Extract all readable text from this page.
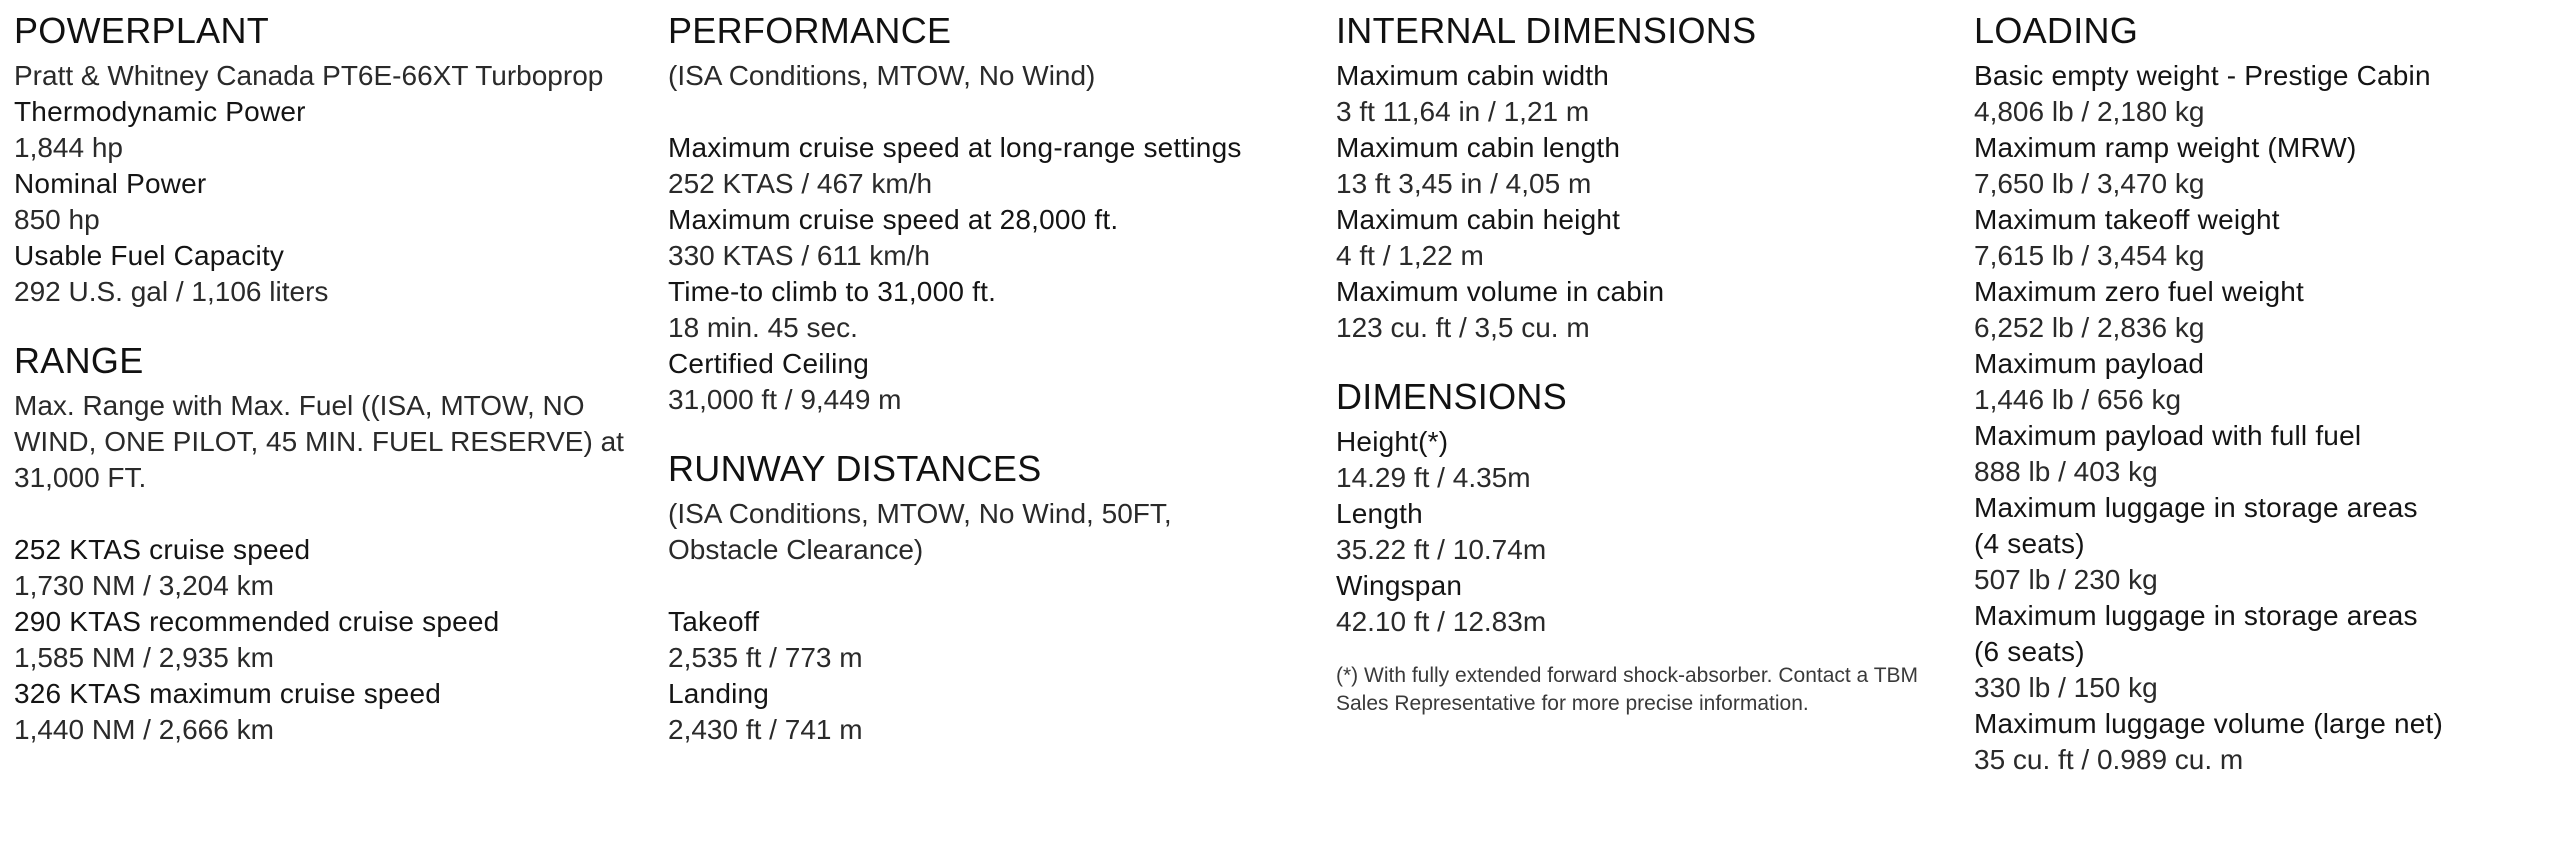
POWERPLANT
Pratt & Whitney Canada PT6E-66XT Turboprop
Thermodynamic Power
1,844 hp
Nominal Power
850 hp
Usable Fuel Capacity
292 U.S. gal / 1,106 liters
RANGE
Max. Range with Max. Fuel ((ISA, MTOW, NO
WIND, ONE PILOT, 45 MIN. FUEL RESERVE) at
31,000 FT.
252 KTAS cruise speed
1,730 NM / 3,204 km
290 KTAS recommended cruise speed
1,585 NM / 2,935 km
326 KTAS maximum cruise speed
1,440 NM / 2,666 km
PERFORMANCE
(ISA Conditions, MTOW, No Wind)
Maximum cruise speed at long-range settings
252 KTAS / 467 km/h
Maximum cruise speed at 28,000 ft.
330 KTAS / 611 km/h
Time-to climb to 31,000 ft.
18 min. 45 sec.
Certified Ceiling
31,000 ft / 9,449 m
RUNWAY DISTANCES
(ISA Conditions, MTOW, No Wind, 50FT,
Obstacle Clearance)
Takeoff
2,535 ft / 773 m
Landing
2,430 ft / 741 m
INTERNAL DIMENSIONS
Maximum cabin width
3 ft 11,64 in / 1,21 m
Maximum cabin length
13 ft 3,45 in / 4,05 m
Maximum cabin height
4 ft / 1,22 m
Maximum volume in cabin
123 cu. ft / 3,5 cu. m
DIMENSIONS
Height(*)
14.29 ft / 4.35m
Length
35.22 ft / 10.74m
Wingspan
42.10 ft / 12.83m
(*) With fully extended forward shock-absorber. Contact a TBM Sales Representative for more precise information.
LOADING
Basic empty weight - Prestige Cabin
4,806 lb / 2,180 kg
Maximum ramp weight (MRW)
7,650 lb / 3,470 kg
Maximum takeoff weight
7,615 lb / 3,454 kg
Maximum zero fuel weight
6,252 lb / 2,836 kg
Maximum payload
1,446 lb / 656 kg
Maximum payload with full fuel
888 lb / 403 kg
Maximum luggage in storage areas
(4 seats)
507 lb / 230 kg
Maximum luggage in storage areas
(6 seats)
330 lb / 150 kg
Maximum luggage volume (large net)
35 cu. ft / 0.989 cu. m
